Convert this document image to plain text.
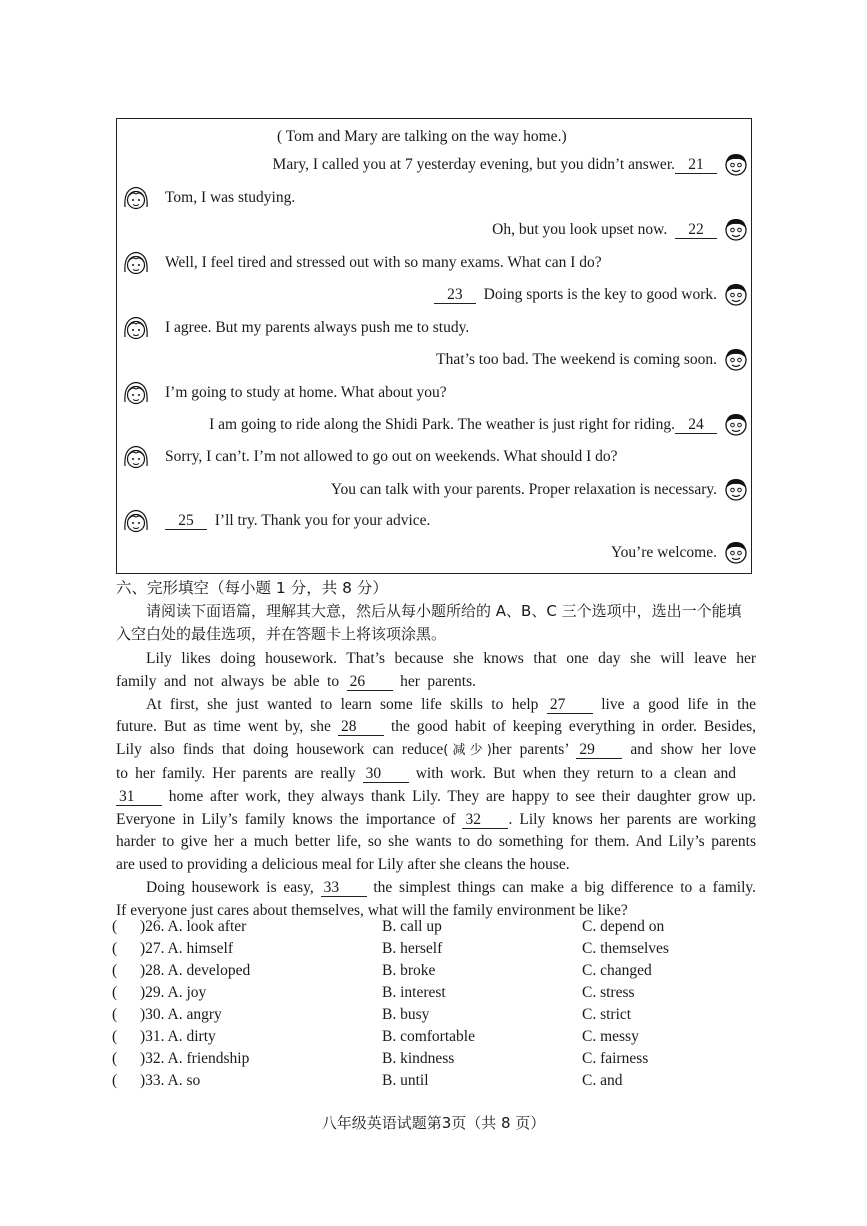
( Tom and Mary are talking on the way home.)
Mary, I called you at 7 yesterday evening, but you didn’t answer. 21
Tom, I was studying.
Oh, but you look upset now. 22
Well, I feel tired and stressed out with so many exams. What can I do?
23 Doing sports is the key to good work.
I agree. But my parents always push me to study.
That’s too bad. The weekend is coming soon.
I’m going to study at home. What about you?
I am going to ride along the Shidi Park. The weather is just right for riding. 24
Sorry, I can’t. I’m not allowed to go out on weekends. What should I do?
You can talk with your parents. Proper relaxation is necessary.
25 I’ll try. Thank you for your advice.
You’re welcome.
六、完形填空（每小题 1 分，共 8 分）
请阅读下面语篇，理解其大意，然后从每小题所给的 A、B、C 三个选项中，选出一个能填入空白处的最佳选项，并在答题卡上将该项涂黑。
Lily likes doing housework. That’s because she knows that one day she will leave her
family and not always be able to 26 her parents.
At first, she just wanted to learn some life skills to help 27 live a good life in the
future. But as time went by, she 28 the good habit of keeping everything in order. Besides,
Lily also finds that doing housework can reduce(减少)her parents’ 29 and show her love
to her family. Her parents are really 30 with work. But when they return to a clean and
31 home after work, they always thank Lily. They are happy to see their daughter grow up.
Everyone in Lily’s family knows the importance of 32 . Lily knows her parents are working
harder to give her a much better life, so she wants to do something for them. And Lily’s parents
are used to providing a delicious meal for Lily after she cleans the house.
Doing housework is easy, 33 the simplest things can make a big difference to a family.
If everyone just cares about themselves, what will the family environment be like?
( )26. A. look after	B. call up	C. depend on
( )27. A. himself	B. herself	C. themselves
( )28. A. developed	B. broke	C. changed
( )29. A. joy	B. interest	C. stress
( )30. A. angry	B. busy	C. strict
( )31. A. dirty	B. comfortable	C. messy
( )32. A. friendship	B. kindness	C. fairness
( )33. A. so	B. until	C. and
八年级英语试题第3页（共 8 页）
